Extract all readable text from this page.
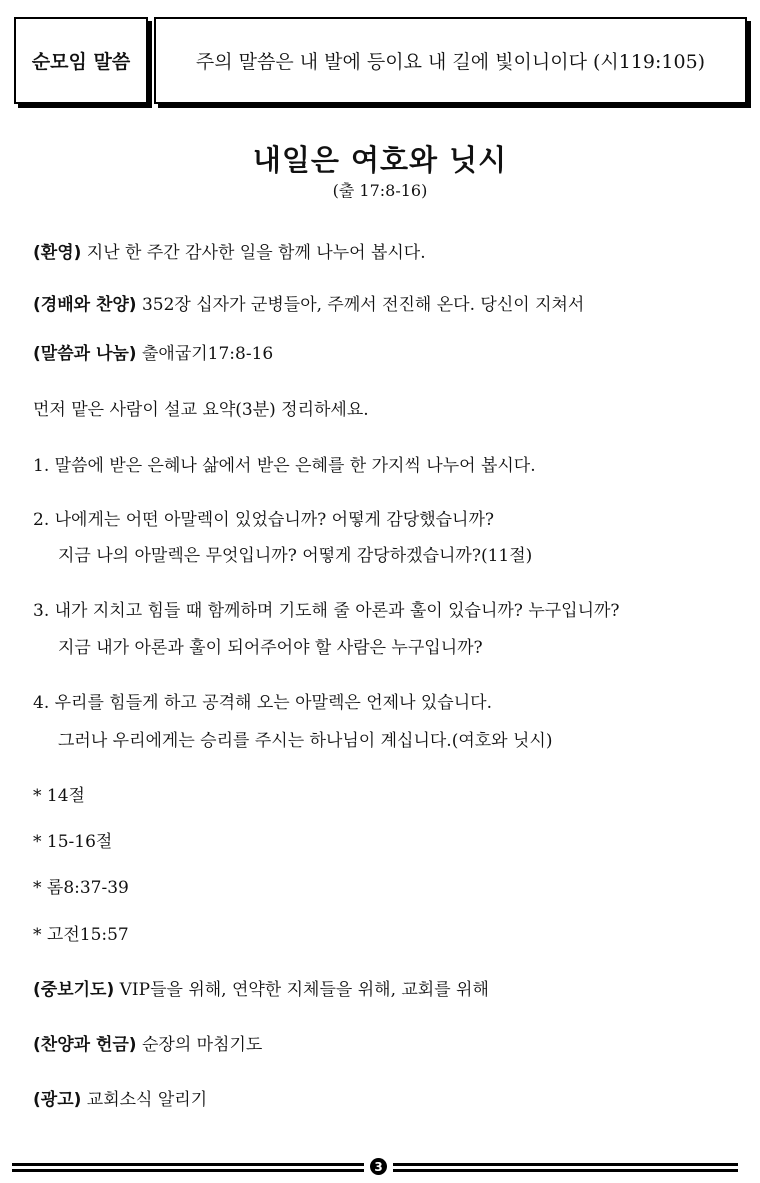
순모임 말씀	주의 말씀은 내 발에 등이요 내 길에 빛이니이다 (시119:105)
내일은 여호와 닛시
(출 17:8-16)
(환영) 지난 한 주간 감사한 일을 함께 나누어 봅시다.
(경배와 찬양) 352장 십자가 군병들아, 주께서 전진해 온다. 당신이 지쳐서
(말씀과 나눔) 출애굽기17:8-16
먼저 맡은 사람이 설교 요약(3분) 정리하세요.
1. 말씀에 받은 은혜나 삶에서 받은 은혜를 한 가지씩 나누어 봅시다.
2. 나에게는 어떤 아말렉이 있었습니까? 어떻게 감당했습니까?
지금 나의 아말렉은 무엇입니까? 어떻게 감당하겠습니까?(11절)
3. 내가 지치고 힘들 때 함께하며 기도해 줄 아론과 훌이 있습니까? 누구입니까?
지금 내가 아론과 훌이 되어주어야 할 사람은 누구입니까?
4. 우리를 힘들게 하고 공격해 오는 아말렉은 언제나 있습니다.
그러나 우리에게는 승리를 주시는 하나님이 계십니다.(여호와 닛시)
* 14절
* 15-16절
* 롬8:37-39
* 고전15:57
(중보기도) VIP들을 위해, 연약한 지체들을 위해, 교회를 위해
(찬양과 헌금) 순장의 마침기도
(광고) 교회소식 알리기
3
